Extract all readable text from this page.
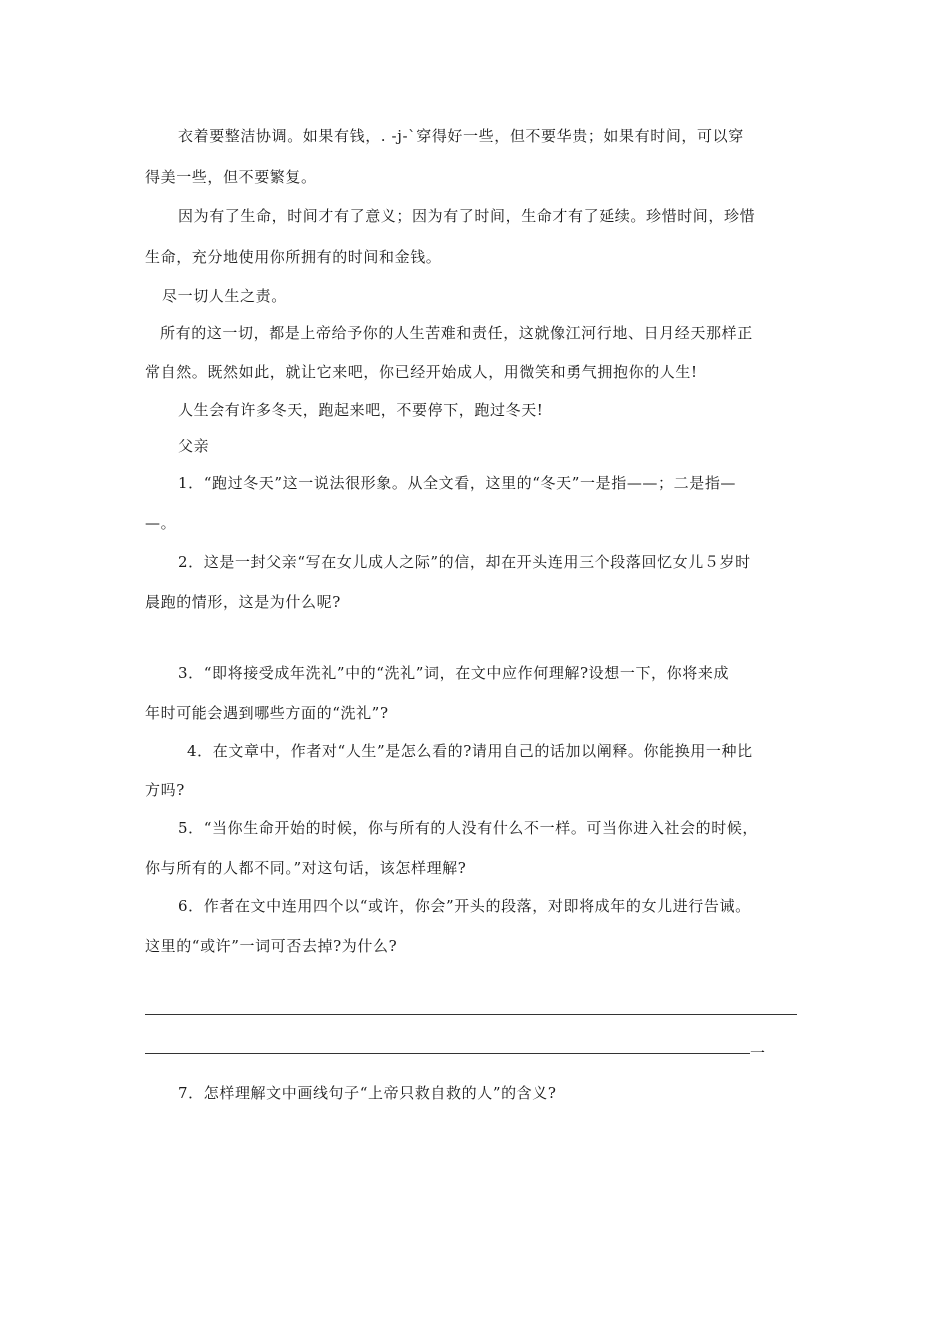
衣着要整洁协调。如果有钱，. -j-`穿得好一些，但不要华贵；如果有时间，可以穿
得美一些，但不要繁复。
因为有了生命，时间才有了意义；因为有了时间，生命才有了延续。珍惜时间，珍惜
生命，充分地使用你所拥有的时间和金钱。
尽一切人生之责。
所有的这一切，都是上帝给予你的人生苦难和责任，这就像江河行地、日月经天那样正
常自然。既然如此，就让它来吧，你已经开始成人，用微笑和勇气拥抱你的人生!
人生会有许多冬天，跑起来吧，不要停下，跑过冬天!
父亲
1．“跑过冬天”这一说法很形象。从全文看，这里的“冬天”一是指——；二是指—
—。
2．这是一封父亲“写在女儿成人之际”的信，却在开头连用三个段落回忆女儿５岁时
晨跑的情形，这是为什么呢?
3．“即将接受成年洗礼”中的“洗礼”词，在文中应作何理解?设想一下，你将来成
年时可能会遇到哪些方面的“洗礼”?
4．在文章中，作者对“人生”是怎么看的?请用自己的话加以阐释。你能换用一种比
方吗?
5．“当你生命开始的时候，你与所有的人没有什么不一样。可当你进入社会的时候，
你与所有的人都不同。”对这句话，该怎样理解?
6．作者在文中连用四个以“或许，你会”开头的段落，对即将成年的女儿进行告诫。
这里的“或许”一词可否去掉?为什么?
一
7．怎样理解文中画线句子“上帝只救自救的人”的含义?
